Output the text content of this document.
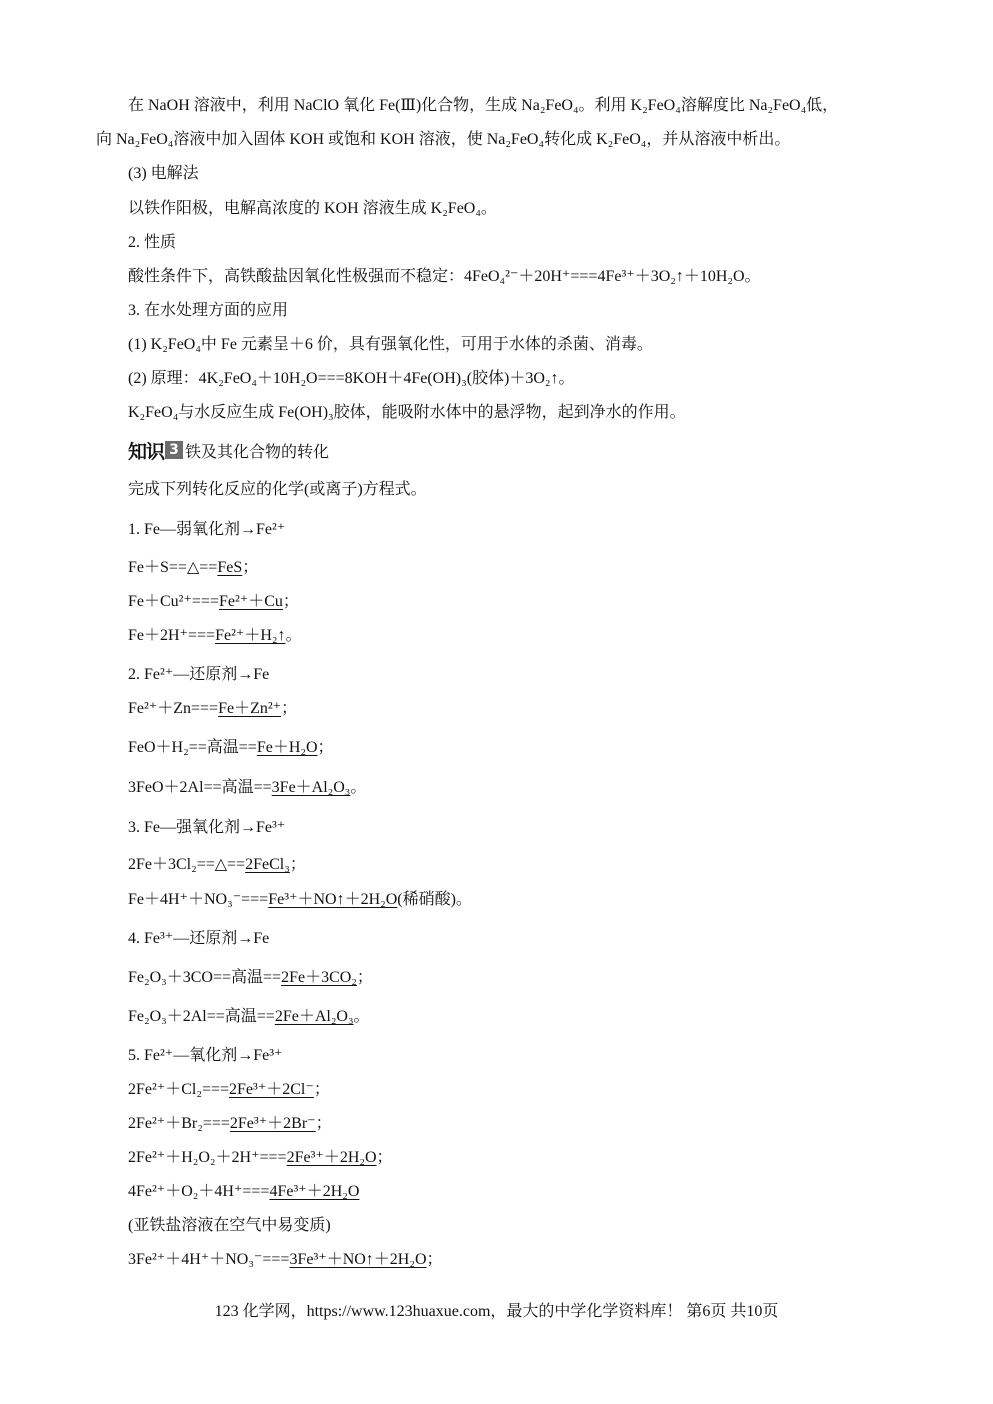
在 NaOH 溶液中，利用 NaClO 氧化 Fe(Ⅲ)化合物，生成 Na₂FeO₄。利用 K₂FeO₄溶解度比 Na₂FeO₄低，
向 Na₂FeO₄溶液中加入固体 KOH 或饱和 KOH 溶液，使 Na₂FeO₄转化成 K₂FeO₄，并从溶液中析出。
(3) 电解法
以铁作阳极，电解高浓度的 KOH 溶液生成 K₂FeO₄。
2. 性质
酸性条件下，高铁酸盐因氧化性极强而不稳定：4FeO₄²⁻＋20H⁺===4Fe³⁺＋3O₂↑＋10H₂O。
3. 在水处理方面的应用
(1) K₂FeO₄中 Fe 元素呈＋6 价，具有强氧化性，可用于水体的杀菌、消毒。
(2) 原理：4K₂FeO₄＋10H₂O===8KOH＋4Fe(OH)₃(胶体)＋3O₂↑。
K₂FeO₄与水反应生成 Fe(OH)₃胶体，能吸附水体中的悬浮物，起到净水的作用。
知识 3 铁及其化合物的转化
完成下列转化反应的化学(或离子)方程式。
1. Fe―弱氧化剂→Fe²⁺
Fe＋S==△==FeS；
Fe＋Cu²⁺===Fe²⁺＋Cu；
Fe＋2H⁺===Fe²⁺＋H₂↑。
2. Fe²⁺―还原剂→Fe
Fe²⁺＋Zn===Fe＋Zn²⁺；
FeO＋H₂==高温==Fe＋H₂O；
3FeO＋2Al==高温==3Fe＋Al₂O₃。
3. Fe―强氧化剂→Fe³⁺
2Fe＋3Cl₂==△==2FeCl₃；
Fe＋4H⁺＋NO₃⁻===Fe³⁺＋NO↑＋2H₂O(稀硝酸)。
4. Fe³⁺―还原剂→Fe
Fe₂O₃＋3CO==高温==2Fe＋3CO₂；
Fe₂O₃＋2Al==高温==2Fe＋Al₂O₃。
5. Fe²⁺―氧化剂→Fe³⁺
2Fe²⁺＋Cl₂===2Fe³⁺＋2Cl⁻；
2Fe²⁺＋Br₂===2Fe³⁺＋2Br⁻；
2Fe²⁺＋H₂O₂＋2H⁺===2Fe³⁺＋2H₂O；
4Fe²⁺＋O₂＋4H⁺===4Fe³⁺＋2H₂O
(亚铁盐溶液在空气中易变质)
3Fe²⁺＋4H⁺＋NO₃⁻===3Fe³⁺＋NO↑＋2H₂O；
123 化学网，https://www.123huaxue.com，最大的中学化学资料库！ 第6页 共10页
